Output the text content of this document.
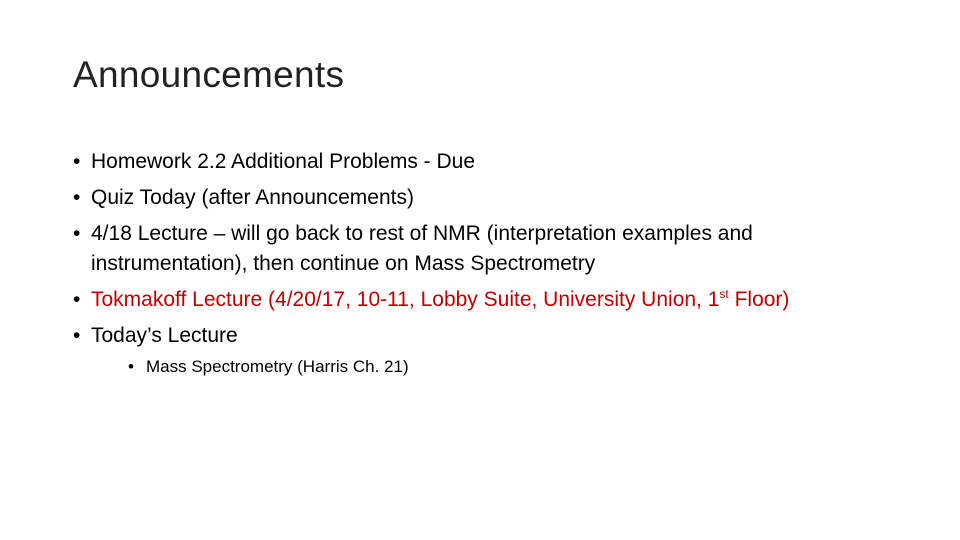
Announcements
• Homework 2.2 Additional Problems - Due
• Quiz Today (after Announcements)
• 4/18 Lecture – will go back to rest of NMR (interpretation examples and instrumentation), then continue on Mass Spectrometry
• Tokmakoff Lecture (4/20/17, 10-11, Lobby Suite, University Union, 1st Floor)
• Today’s Lecture
• Mass Spectrometry (Harris Ch. 21)
